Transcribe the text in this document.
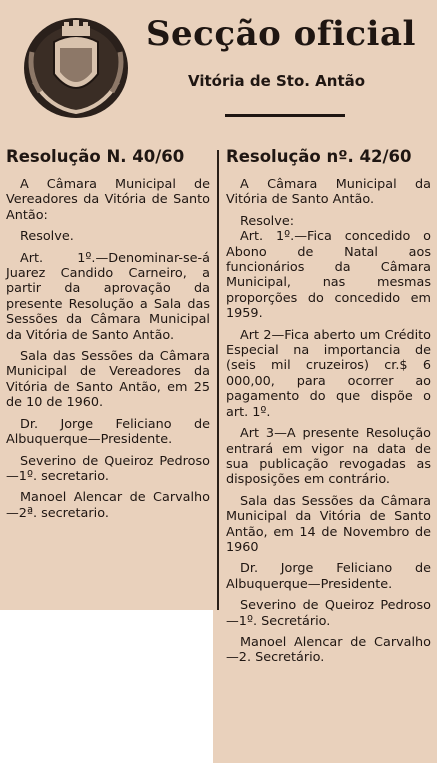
Secção oficial
Vitória de Sto. Antão
Resolução N. 40/60

A Câmara Municipal de Vereadores da Vitória de Santo Antão:

Resolve.

Art. 1º.—Denominar-se-á Juarez Candido Carneiro, a partir da aprovação da presente Resolução a Sala das Sessões da Câmara Municipal da Vitória de Santo Antão.

Sala das Sessões da Câmara Municipal de Vereadores da Vitória de Santo Antão, em 25 de 10 de 1960.

Dr. Jorge Feliciano de Albuquerque—Presidente.

Severino de Queiroz Pedroso—1º. secretario.

Manoel Alencar de Carvalho—2ª. secretario.

Resolução nº. 42/60

A Câmara Municipal da Vitória de Santo Antão.

Resolve:

Art. 1º.—Fica concedido o Abono de Natal aos funcionários da Câmara Municipal, nas mesmas proporções do concedido em 1959.

Art 2—Fica aberto um Crédito Especial na importancia de (seis mil cruzeiros) cr.$ 6 000,00, para ocorrer ao pagamento do que dispõe o art. 1º.

Art 3—A presente Resolução entrará em vigor na data de sua publicação revogadas as disposições em contrário.

Sala das Sessões da Câmara Municipal da Vitória de Santo Antão, em 14 de Novembro de 1960

Dr. Jorge Feliciano de Albuquerque—Presidente.

Severino de Queiroz Pedroso—1º. Secretário.

Manoel Alencar de Carvalho—2. Secretário.
